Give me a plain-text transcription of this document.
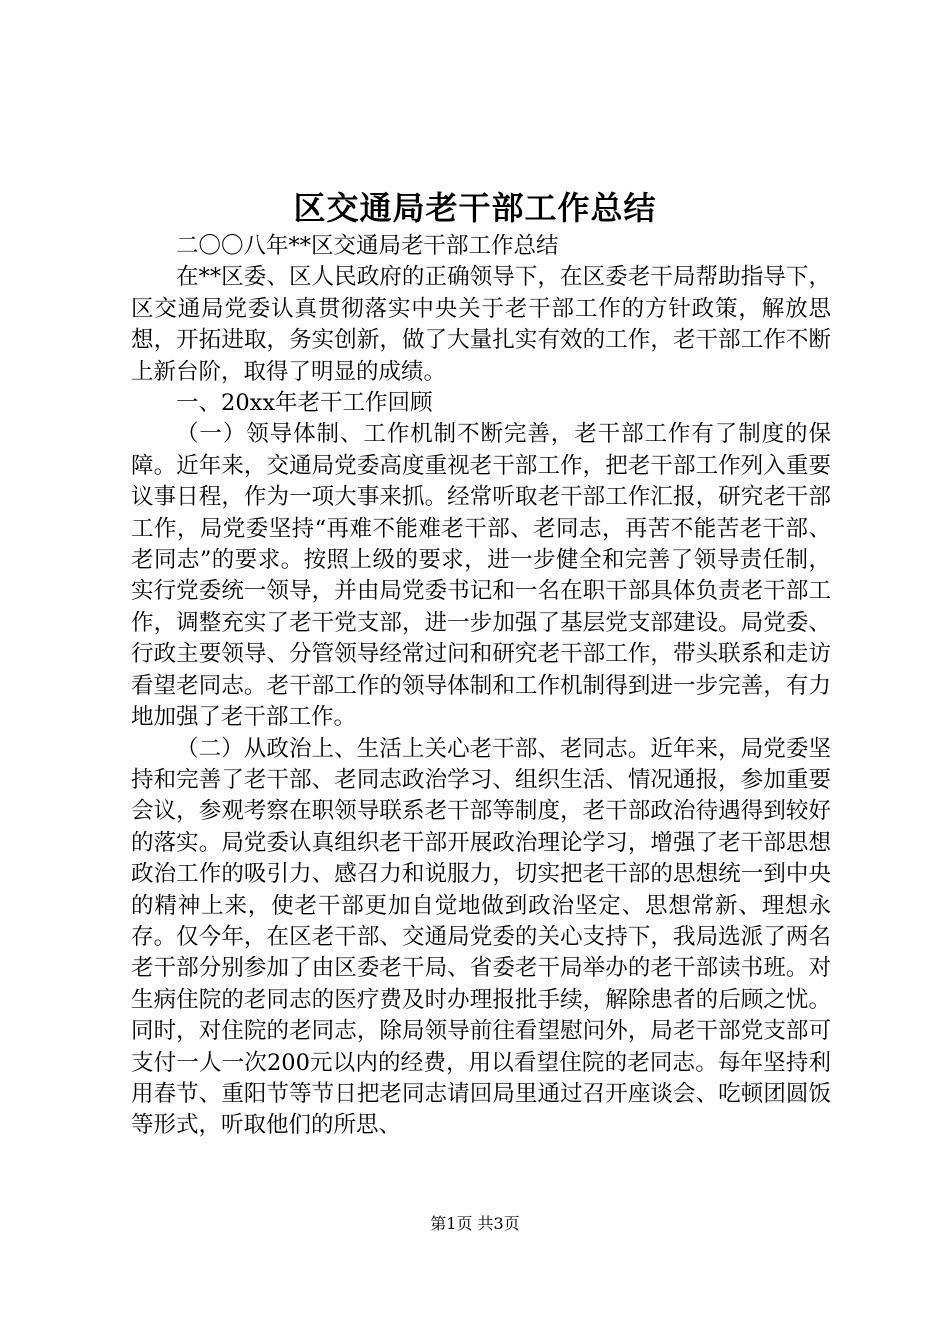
区交通局老干部工作总结

二〇〇八年**区交通局老干部工作总结

在**区委、区人民政府的正确领导下，在区委老干局帮助指导下，区交通局党委认真贯彻落实中央关于老干部工作的方针政策，解放思想，开拓进取，务实创新，做了大量扎实有效的工作，老干部工作不断上新台阶，取得了明显的成绩。

一、20xx年老干工作回顾

（一）领导体制、工作机制不断完善，老干部工作有了制度的保障。近年来，交通局党委高度重视老干部工作，把老干部工作列入重要议事日程，作为一项大事来抓。经常听取老干部工作汇报，研究老干部工作，局党委坚持“再难不能难老干部、老同志，再苦不能苦老干部、老同志”的要求。按照上级的要求，进一步健全和完善了领导责任制，实行党委统一领导，并由局党委书记和一名在职干部具体负责老干部工作，调整充实了老干党支部，进一步加强了基层党支部建设。局党委、行政主要领导、分管领导经常过问和研究老干部工作，带头联系和走访看望老同志。老干部工作的领导体制和工作机制得到进一步完善，有力地加强了老干部工作。

（二）从政治上、生活上关心老干部、老同志。近年来，局党委坚持和完善了老干部、老同志政治学习、组织生活、情况通报，参加重要会议，参观考察在职领导联系老干部等制度，老干部政治待遇得到较好的落实。局党委认真组织老干部开展政治理论学习，增强了老干部思想政治工作的吸引力、感召力和说服力，切实把老干部的思想统一到中央的精神上来，使老干部更加自觉地做到政治坚定、思想常新、理想永存。仅今年，在区老干部、交通局党委的关心支持下，我局选派了两名老干部分别参加了由区委老干局、省委老干局举办的老干部读书班。对生病住院的老同志的医疗费及时办理报批手续，解除患者的后顾之忧。同时，对住院的老同志，除局领导前往看望慰问外，局老干部党支部可支付一人一次200元以内的经费，用以看望住院的老同志。每年坚持利用春节、重阳节等节日把老同志请回局里通过召开座谈会、吃顿团圆饭等形式，听取他们的所思、

第1页 共3页
